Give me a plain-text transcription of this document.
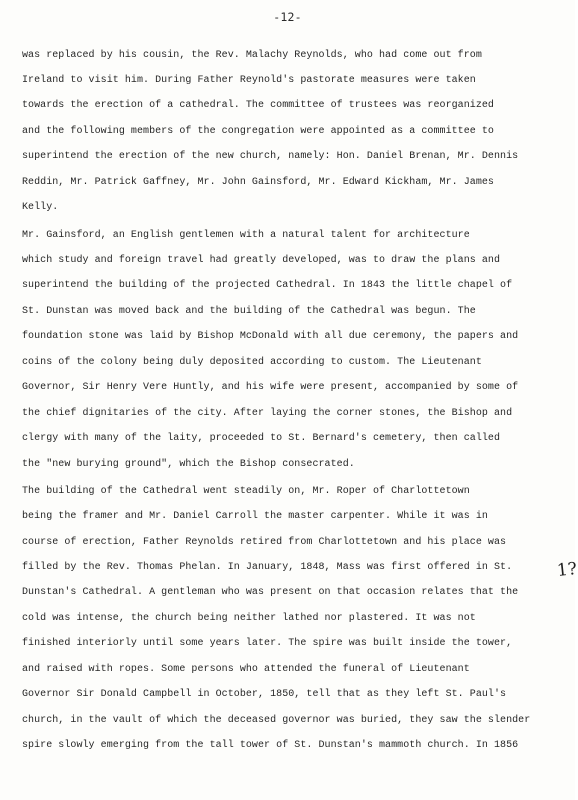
-12-
was replaced by his cousin, the Rev. Malachy Reynolds, who had come out from
Ireland to visit him. During Father Reynold's pastorate measures were taken
towards the erection of a cathedral. The committee of trustees was reorganized
and the following members of the congregation were appointed as a committee to
superintend the erection of the new church, namely: Hon. Daniel Brenan, Mr. Dennis
Reddin, Mr. Patrick Gaffney, Mr. John Gainsford, Mr. Edward Kickham, Mr. James
Kelly.
Mr. Gainsford, an English gentlemen with a natural talent for architecture
which study and foreign travel had greatly developed, was to draw the plans and
superintend the building of the projected Cathedral. In 1843 the little chapel of
St. Dunstan was moved back and the building of the Cathedral was begun. The
foundation stone was laid by Bishop McDonald with all due ceremony, the papers and
coins of the colony being duly deposited according to custom. The Lieutenant
Governor, Sir Henry Vere Huntly, and his wife were present, accompanied by some of
the chief dignitaries of the city. After laying the corner stones, the Bishop and
clergy with many of the laity, proceeded to St. Bernard's cemetery, then called
the "new burying ground", which the Bishop consecrated.
The building of the Cathedral went steadily on, Mr. Roper of Charlottetown
being the framer and Mr. Daniel Carroll the master carpenter. While it was in
course of erection, Father Reynolds retired from Charlottetown and his place was
filled by the Rev. Thomas Phelan. In January, 1848, Mass was first offered in St.
Dunstan's Cathedral. A gentleman who was present on that occasion relates that the
cold was intense, the church being neither lathed nor plastered. It was not
finished interiorly until some years later. The spire was built inside the tower,
and raised with ropes. Some persons who attended the funeral of Lieutenant
Governor Sir Donald Campbell in October, 1850, tell that as they left St. Paul's
church, in the vault of which the deceased governor was buried, they saw the slender
spire slowly emerging from the tall tower of St. Dunstan's mammoth church. In 1856
1?
